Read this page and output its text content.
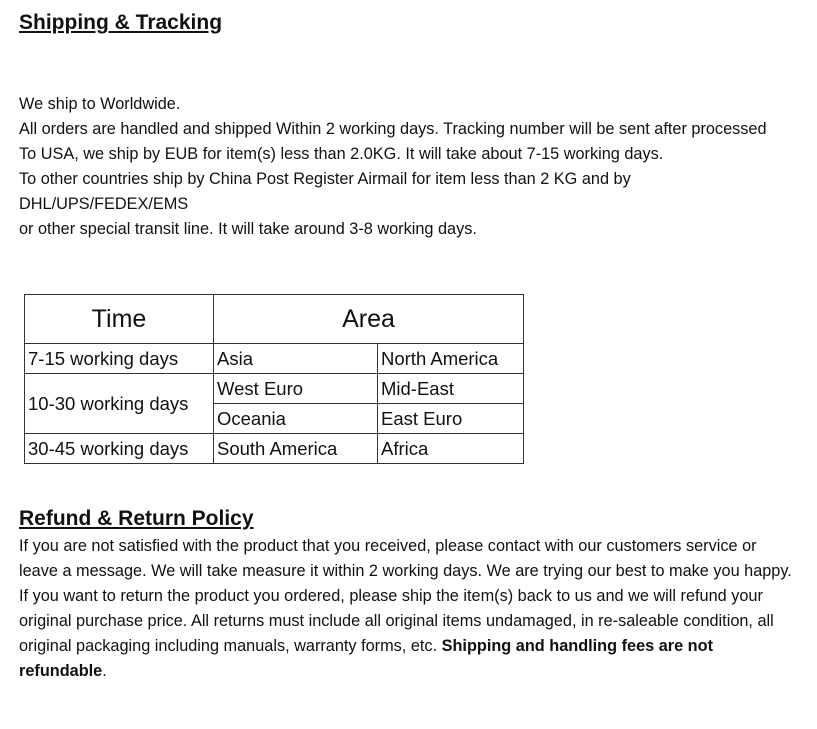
Shipping & Tracking

We ship to Worldwide.

All orders are handled and shipped Within 2 working days. Tracking number will be sent after processed

To USA, we ship by EUB for item(s) less than 2.0KG. It will take about 7-15 working days.

To other countries ship by China Post Register Airmail for item less than 2 KG and by DHL/UPS/FEDEX/EMS

or other special transit line. It will take around 3-8 working days.

Time	Area	
7-15 working days	Asia	North America
10-30 working days	West Euro	Mid-East
	Oceania	East Euro
30-45 working days	South America	Africa
Refund & Return Policy

If you are not satisfied with the product that you received, please contact with our customers service or leave a message. We will take measure it within 2 working days. We are trying our best to make you happy.

If you want to return the product you ordered, please ship the item(s) back to us and we will refund your original purchase price. All returns must include all original items undamaged, in re-saleable condition, all original packaging including manuals, warranty forms, etc. Shipping and handling fees are not refundable.
